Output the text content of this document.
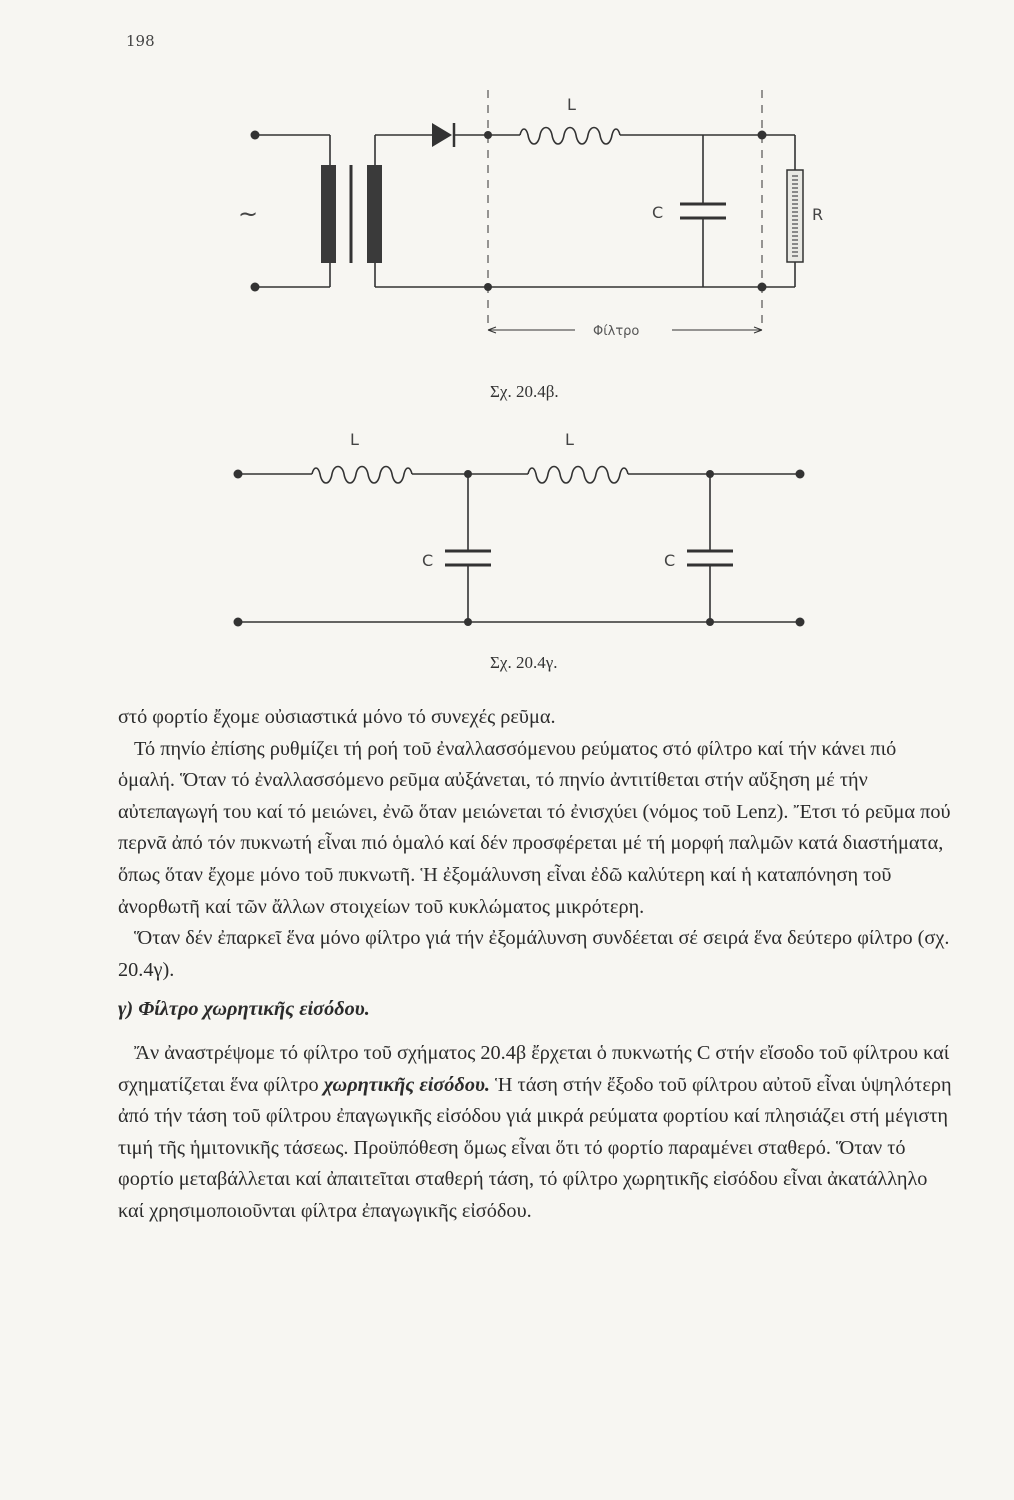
198
L
C	R
~
Φίλτρο
Σχ. 20.4β.
L	L
C	C
Σχ. 20.4γ.

στό φορτίο ἔχομε οὐσιαστικά μόνο τό συνεχές ρεῦμα.

Τό πηνίο ἐπίσης ρυθμίζει τή ροή τοῦ ἐναλλασσόμενου ρεύματος στό φίλτρο καί τήν κάνει πιό ὁμαλή. Ὅταν τό ἐναλλασσόμενο ρεῦμα αὐξάνεται, τό πηνίο ἀντιτίθεται στήν αὔξηση μέ τήν αὐτεπαγωγή του καί τό μειώνει, ἐνῶ ὅταν μειώνεται τό ἐνισχύει (νόμος τοῦ Lenz). Ἔτσι τό ρεῦμα πού περνᾶ ἀπό τόν πυκνωτή εἶναι πιό ὁμαλό καί δέν προσφέρεται μέ τή μορφή παλμῶν κατά διαστήματα, ὅπως ὅταν ἔχομε μόνο τοῦ πυκνωτῆ. Ἡ ἐξομάλυνση εἶναι ἐδῶ καλύτερη καί ἡ καταπόνηση τοῦ ἀνορθωτῆ καί τῶν ἄλλων στοιχείων τοῦ κυκλώματος μικρότερη.

Ὅταν δέν ἐπαρκεῖ ἕνα μόνο φίλτρο γιά τήν ἐξομάλυνση συνδέεται σέ σειρά ἕνα δεύτερο φίλτρο (σχ. 20.4γ).

γ) Φίλτρο χωρητικῆς εἰσόδου.

Ἄν ἀναστρέψομε τό φίλτρο τοῦ σχήματος 20.4β ἔρχεται ὁ πυκνωτής C στήν εἴσοδο τοῦ φίλτρου καί σχηματίζεται ἕνα φίλτρο χωρητικῆς εἰσόδου. Ἡ τάση στήν ἔξοδο τοῦ φίλτρου αὐτοῦ εἶναι ὑψηλότερη ἀπό τήν τάση τοῦ φίλτρου ἐπαγωγικῆς εἰσόδου γιά μικρά ρεύματα φορτίου καί πλησιάζει στή μέγιστη τιμή τῆς ἡμιτονικῆς τάσεως. Προϋπόθεση ὅμως εἶναι ὅτι τό φορτίο παραμένει σταθερό. Ὅταν τό φορτίο μεταβάλλεται καί ἀπαιτεῖται σταθερή τάση, τό φίλτρο χωρητικῆς εἰσόδου εἶναι ἀκατάλληλο καί χρησιμοποιοῦνται φίλτρα ἐπαγωγικῆς εἰσόδου.
